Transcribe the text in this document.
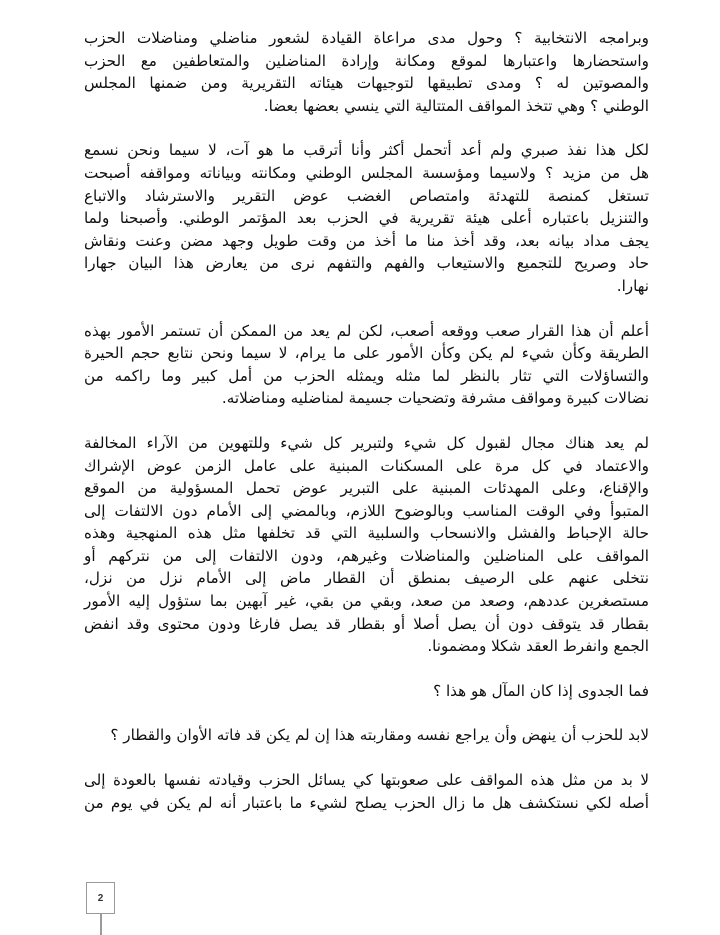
وبرامجه الانتخابية ؟ وحول مدى مراعاة القيادة لشعور مناضلي ومناضلات الحزب
واستحضارها واعتبارها لموقع ومكانة وإرادة المناضلين والمتعاطفين مع الحزب
والمصوتين له ؟ ومدى تطبيقها لتوجيهات هيئاته التقريرية ومن ضمنها المجلس
الوطني ؟ وهي تتخذ المواقف المتتالية التي ينسي بعضها بعضا.

لكل هذا نفذ صبري ولم أعد أتحمل أكثر وأنا أترقب ما هو آت، لا سيما ونحن نسمع
هل من مزيد ؟ ولاسيما ومؤسسة المجلس الوطني ومكانته وبياناته ومواقفه أصبحت
تستغل كمنصة للتهدئة وامتصاص الغضب عوض التقرير والاسترشاد والاتباع
والتنزيل باعتباره أعلى هيئة تقريرية في الحزب بعد المؤتمر الوطني. وأصبحنا ولما
يجف مداد بيانه بعد، وقد أخذ منا ما أخذ من وقت طويل وجهد مضن وعنت ونقاش
حاد وصريح للتجميع والاستيعاب والفهم والتفهم نرى من يعارض هذا البيان جهارا
نهارا.

أعلم أن هذا القرار صعب ووقعه أصعب، لكن لم يعد من الممكن أن تستمر الأمور بهذه
الطريقة وكأن شيء لم يكن وكأن الأمور على ما يرام، لا سيما ونحن نتابع حجم الحيرة
والتساؤلات التي تثار بالنظر لما مثله ويمثله الحزب من أمل كبير وما راكمه من
نضالات كبيرة ومواقف مشرفة وتضحيات جسيمة لمناضليه ومناضلاته.

لم يعد هناك مجال لقبول كل شيء ولتبرير كل شيء وللتهوين من الآراء المخالفة
والاعتماد في كل مرة على المسكنات المبنية على عامل الزمن عوض الإشراك
والإقناع، وعلى المهدئات المبنية على التبرير عوض تحمل المسؤولية من الموقع
المتبوأ وفي الوقت المناسب وبالوضوح اللازم، وبالمضي إلى الأمام دون الالتفات إلى
حالة الإحباط والفشل والانسحاب والسلبية التي قد تخلفها مثل هذه المنهجية وهذه
المواقف على المناضلين والمناضلات وغيرهم، ودون الالتفات إلى من نتركهم أو
نتخلى عنهم على الرصيف بمنطق أن القطار ماض إلى الأمام نزل من نزل،
مستصغرين عددهم، وصعد من صعد، وبقي من بقي، غير آبهين بما ستؤول إليه الأمور
بقطار قد يتوقف دون أن يصل أصلا أو بقطار قد يصل فارغا ودون محتوى وقد انفض
الجمع وانفرط العقد شكلا ومضمونا.

فما الجدوى إذا كان المآل هو هذا ؟

لابد للحزب أن ينهض وأن يراجع نفسه ومقاربته هذا إن لم يكن قد فاته الأوان والقطار ؟

لا بد من مثل هذه المواقف على صعوبتها كي يسائل الحزب وقيادته نفسها بالعودة إلى
أصله لكي نستكشف هل ما زال الحزب يصلح لشيء ما باعتبار أنه لم يكن في يوم من

2
